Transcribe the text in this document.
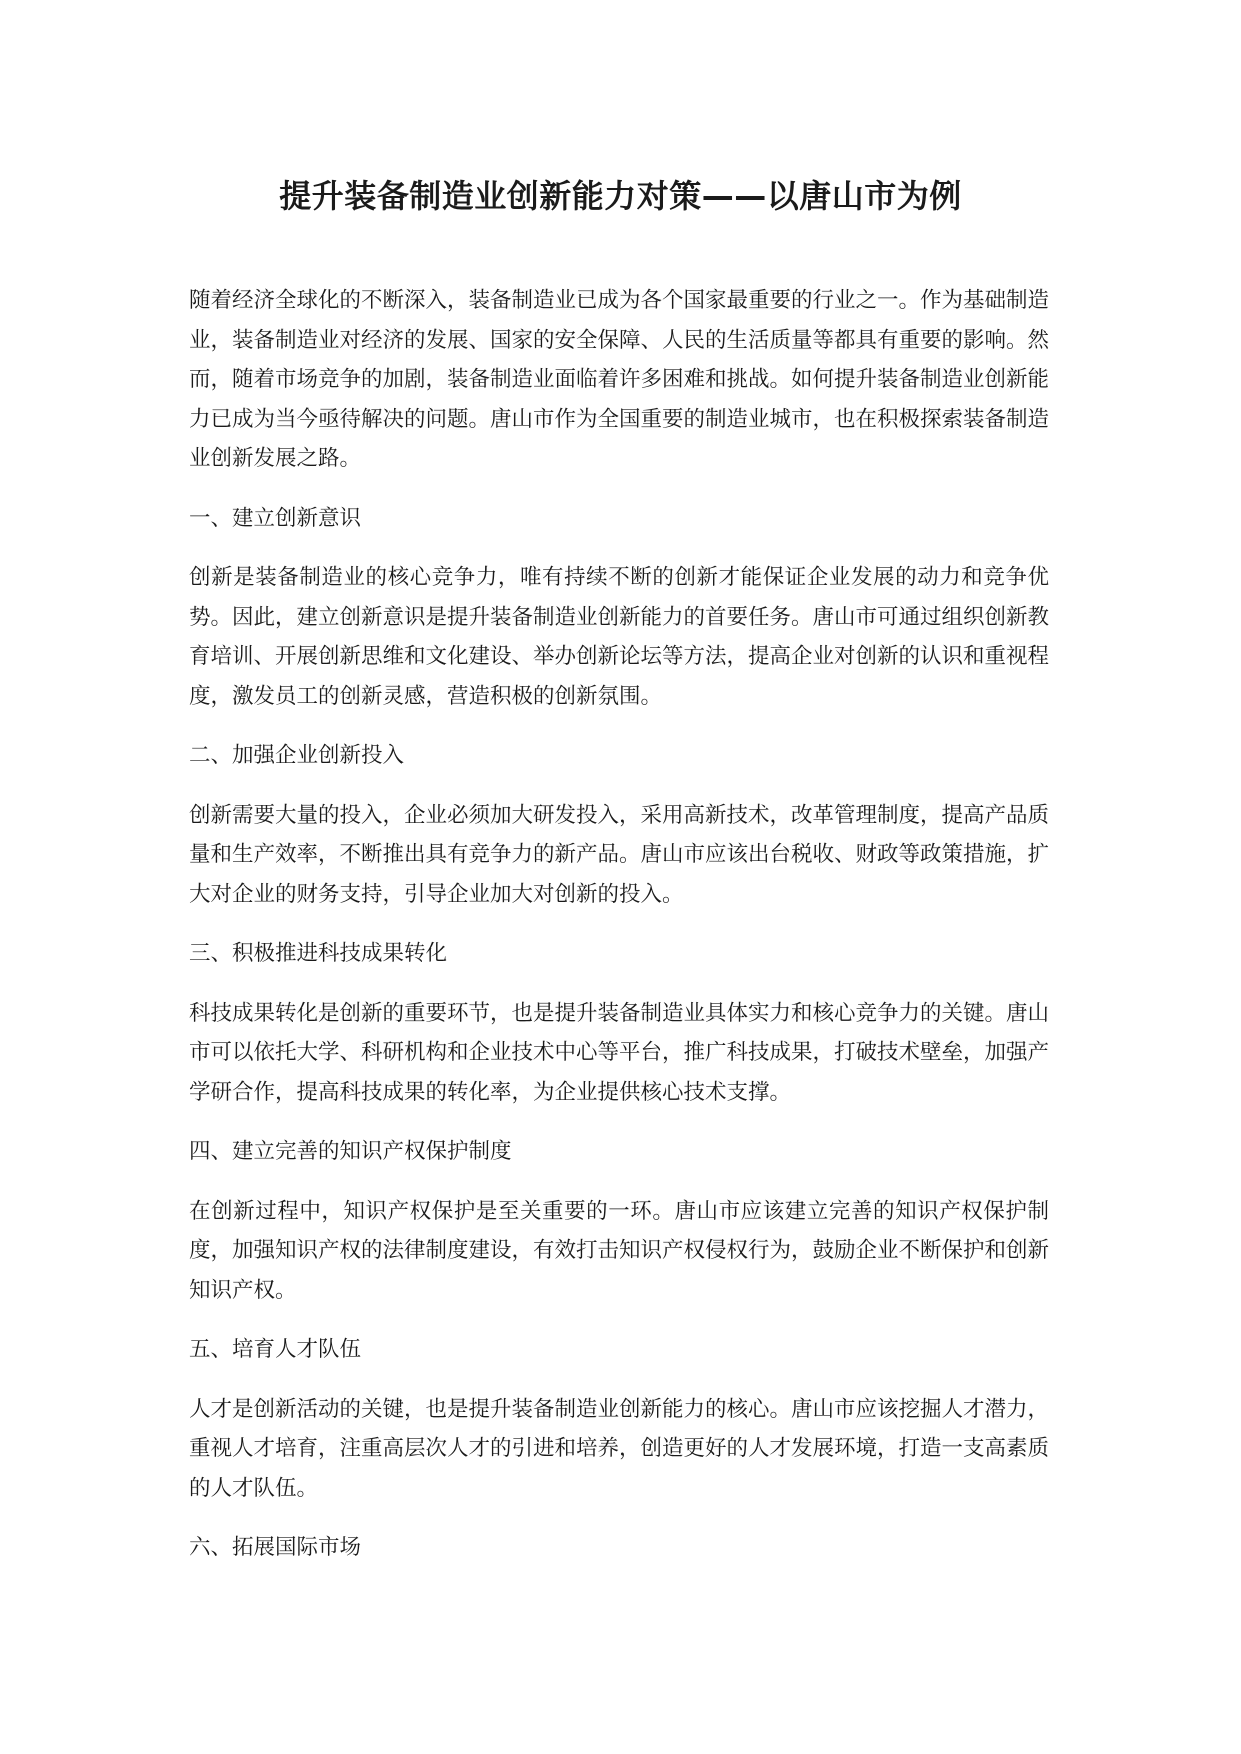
提升装备制造业创新能力对策——以唐山市为例

随着经济全球化的不断深入，装备制造业已成为各个国家最重要的行业之一。作为基础制造业，装备制造业对经济的发展、国家的安全保障、人民的生活质量等都具有重要的影响。然而，随着市场竞争的加剧，装备制造业面临着许多困难和挑战。如何提升装备制造业创新能力已成为当今亟待解决的问题。唐山市作为全国重要的制造业城市，也在积极探索装备制造业创新发展之路。

一、建立创新意识

创新是装备制造业的核心竞争力，唯有持续不断的创新才能保证企业发展的动力和竞争优势。因此，建立创新意识是提升装备制造业创新能力的首要任务。唐山市可通过组织创新教育培训、开展创新思维和文化建设、举办创新论坛等方法，提高企业对创新的认识和重视程度，激发员工的创新灵感，营造积极的创新氛围。

二、加强企业创新投入

创新需要大量的投入，企业必须加大研发投入，采用高新技术，改革管理制度，提高产品质量和生产效率，不断推出具有竞争力的新产品。唐山市应该出台税收、财政等政策措施，扩大对企业的财务支持，引导企业加大对创新的投入。

三、积极推进科技成果转化

科技成果转化是创新的重要环节，也是提升装备制造业具体实力和核心竞争力的关键。唐山市可以依托大学、科研机构和企业技术中心等平台，推广科技成果，打破技术壁垒，加强产学研合作，提高科技成果的转化率，为企业提供核心技术支撑。

四、建立完善的知识产权保护制度

在创新过程中，知识产权保护是至关重要的一环。唐山市应该建立完善的知识产权保护制度，加强知识产权的法律制度建设，有效打击知识产权侵权行为，鼓励企业不断保护和创新知识产权。

五、培育人才队伍

人才是创新活动的关键，也是提升装备制造业创新能力的核心。唐山市应该挖掘人才潜力，重视人才培育，注重高层次人才的引进和培养，创造更好的人才发展环境，打造一支高素质的人才队伍。

六、拓展国际市场
